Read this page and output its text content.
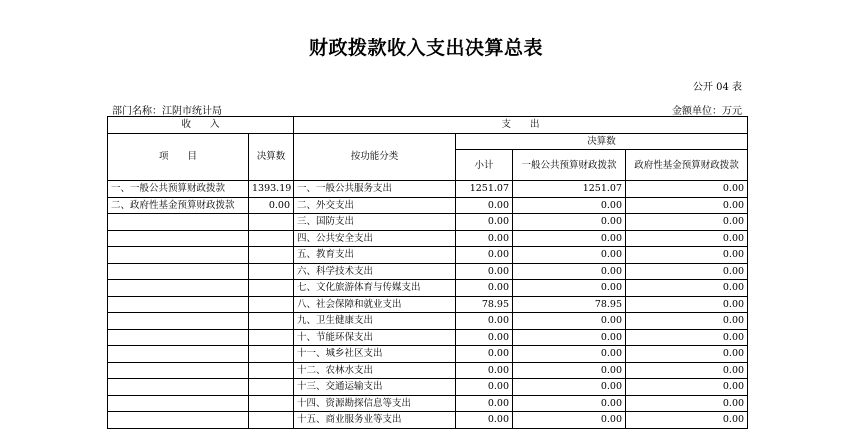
财政拨款收入支出决算总表
公开 04 表
部门名称：江阴市统计局	金额单位：万元
收　　入		支　　出			
项　　目	决算数	按功能分类	决算数		
			小计	一般公共预算财政拨款	政府性基金预算财政拨款
一、一般公共预算财政拨款	1393.19	一、一般公共服务支出	1251.07	1251.07	0.00
二、政府性基金预算财政拨款	0.00	二、外交支出	0.00	0.00	0.00
		三、国防支出	0.00	0.00	0.00
		四、公共安全支出	0.00	0.00	0.00
		五、教育支出	0.00	0.00	0.00
		六、科学技术支出	0.00	0.00	0.00
		七、文化旅游体育与传媒支出	0.00	0.00	0.00
		八、社会保障和就业支出	78.95	78.95	0.00
		九、卫生健康支出	0.00	0.00	0.00
		十、节能环保支出	0.00	0.00	0.00
		十一、城乡社区支出	0.00	0.00	0.00
		十二、农林水支出	0.00	0.00	0.00
		十三、交通运输支出	0.00	0.00	0.00
		十四、资源勘探信息等支出	0.00	0.00	0.00
		十五、商业服务业等支出	0.00	0.00	0.00
